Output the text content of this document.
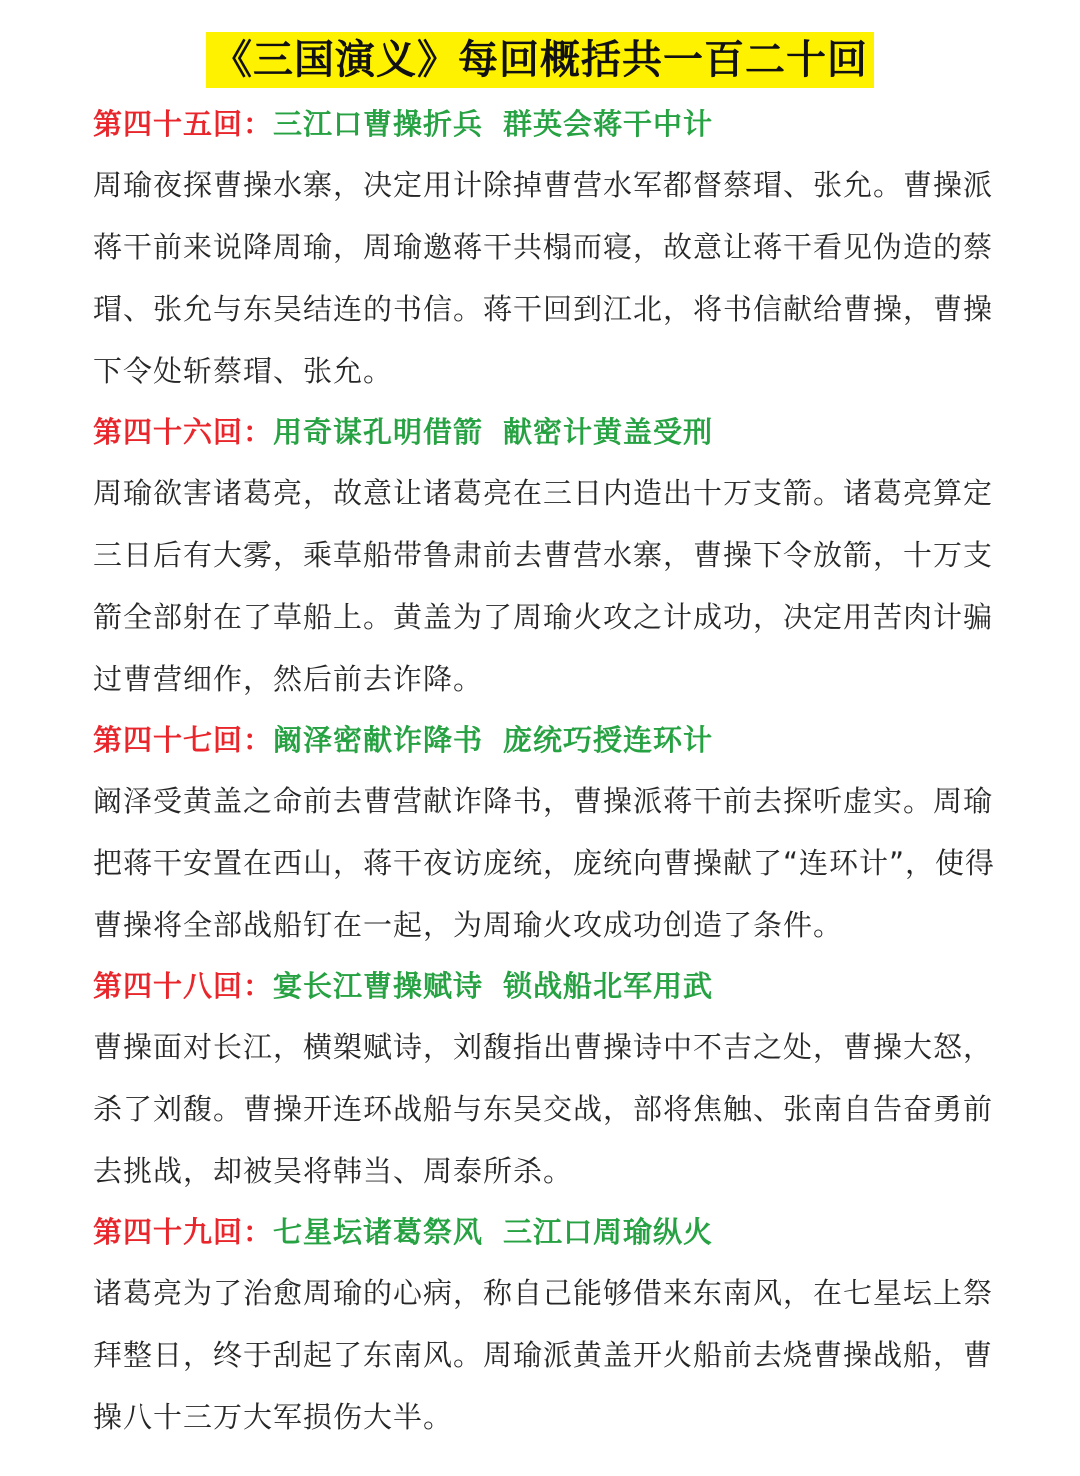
《三国演义》每回概括共一百二十回
第四十五回：三江口曹操折兵 群英会蒋干中计

周瑜夜探曹操水寨，决定用计除掉曹营水军都督蔡瑁、张允。曹操派
蒋干前来说降周瑜，周瑜邀蒋干共榻而寝，故意让蒋干看见伪造的蔡
瑁、张允与东吴结连的书信。蒋干回到江北，将书信献给曹操，曹操
下令处斩蔡瑁、张允。

第四十六回：用奇谋孔明借箭 献密计黄盖受刑

周瑜欲害诸葛亮，故意让诸葛亮在三日内造出十万支箭。诸葛亮算定
三日后有大雾，乘草船带鲁肃前去曹营水寨，曹操下令放箭，十万支
箭全部射在了草船上。黄盖为了周瑜火攻之计成功，决定用苦肉计骗
过曹营细作，然后前去诈降。

第四十七回：阚泽密献诈降书 庞统巧授连环计

阚泽受黄盖之命前去曹营献诈降书，曹操派蒋干前去探听虚实。周瑜
把蒋干安置在西山，蒋干夜访庞统，庞统向曹操献了“连环计”，使得
曹操将全部战船钉在一起，为周瑜火攻成功创造了条件。

第四十八回：宴长江曹操赋诗 锁战船北军用武

曹操面对长江，横槊赋诗，刘馥指出曹操诗中不吉之处，曹操大怒，
杀了刘馥。曹操开连环战船与东吴交战，部将焦触、张南自告奋勇前
去挑战，却被吴将韩当、周泰所杀。

第四十九回：七星坛诸葛祭风 三江口周瑜纵火

诸葛亮为了治愈周瑜的心病，称自己能够借来东南风，在七星坛上祭
拜整日，终于刮起了东南风。周瑜派黄盖开火船前去烧曹操战船，曹
操八十三万大军损伤大半。
